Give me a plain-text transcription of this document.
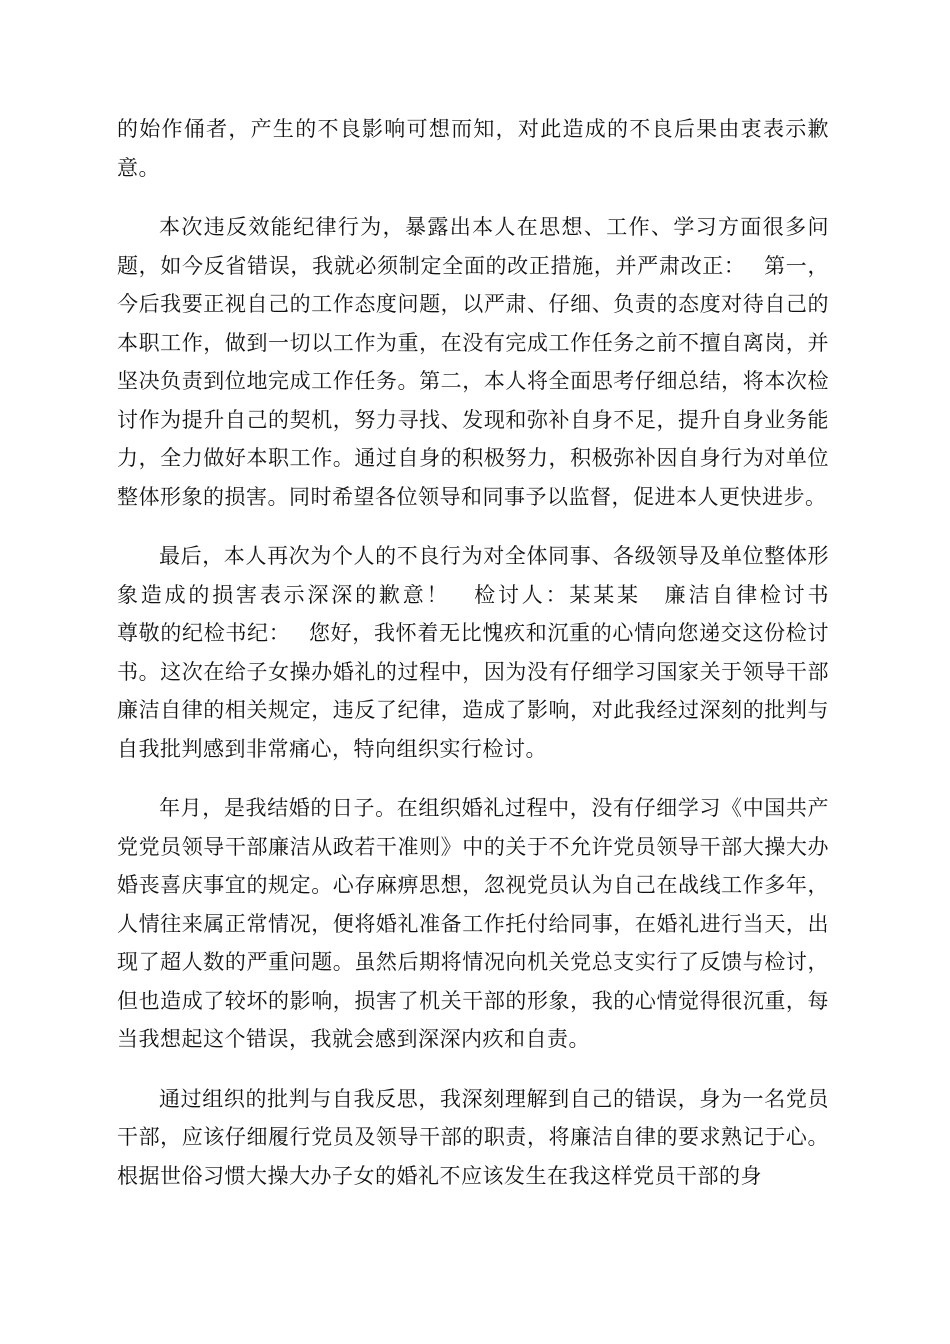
的始作俑者，产生的不良影响可想而知，对此造成的不良后果由衷表示歉意。

本次违反效能纪律行为，暴露出本人在思想、工作、学习方面很多问题，如今反省错误，我就必须制定全面的改正措施，并严肃改正：　 第一，今后我要正视自己的工作态度问题，以严肃、仔细、负责的态度对待自己的本职工作，做到一切以工作为重，在没有完成工作任务之前不擅自离岗，并坚决负责到位地完成工作任务。第二，本人将全面思考仔细总结，将本次检讨作为提升自己的契机，努力寻找、发现和弥补自身不足，提升自身业务能力，全力做好本职工作。通过自身的积极努力，积极弥补因自身行为对单位整体形象的损害。同时希望各位领导和同事予以监督，促进本人更快进步。

最后，本人再次为个人的不良行为对全体同事、各级领导及单位整体形象造成的损害表示深深的歉意！　检讨人：某某某　廉洁自律检讨书　　 尊敬的纪检书纪：　 您好，我怀着无比愧疚和沉重的心情向您递交这份检讨书。这次在给子女操办婚礼的过程中，因为没有仔细学习国家关于领导干部廉洁自律的相关规定，违反了纪律，造成了影响，对此我经过深刻的批判与自我批判感到非常痛心，特向组织实行检讨。

年月，是我结婚的日子。在组织婚礼过程中，没有仔细学习《中国共产党党员领导干部廉洁从政若干准则》中的关于不允许党员领导干部大操大办婚丧喜庆事宜的规定。心存麻痹思想，忽视党员认为自己在战线工作多年，人情往来属正常情况，便将婚礼准备工作托付给同事，在婚礼进行当天，出现了超人数的严重问题。虽然后期将情况向机关党总支实行了反馈与检讨，但也造成了较坏的影响，损害了机关干部的形象，我的心情觉得很沉重，每当我想起这个错误，我就会感到深深内疚和自责。

通过组织的批判与自我反思，我深刻理解到自己的错误，身为一名党员干部，应该仔细履行党员及领导干部的职责，将廉洁自律的要求熟记于心。根据世俗习惯大操大办子女的婚礼不应该发生在我这样党员干部的身
